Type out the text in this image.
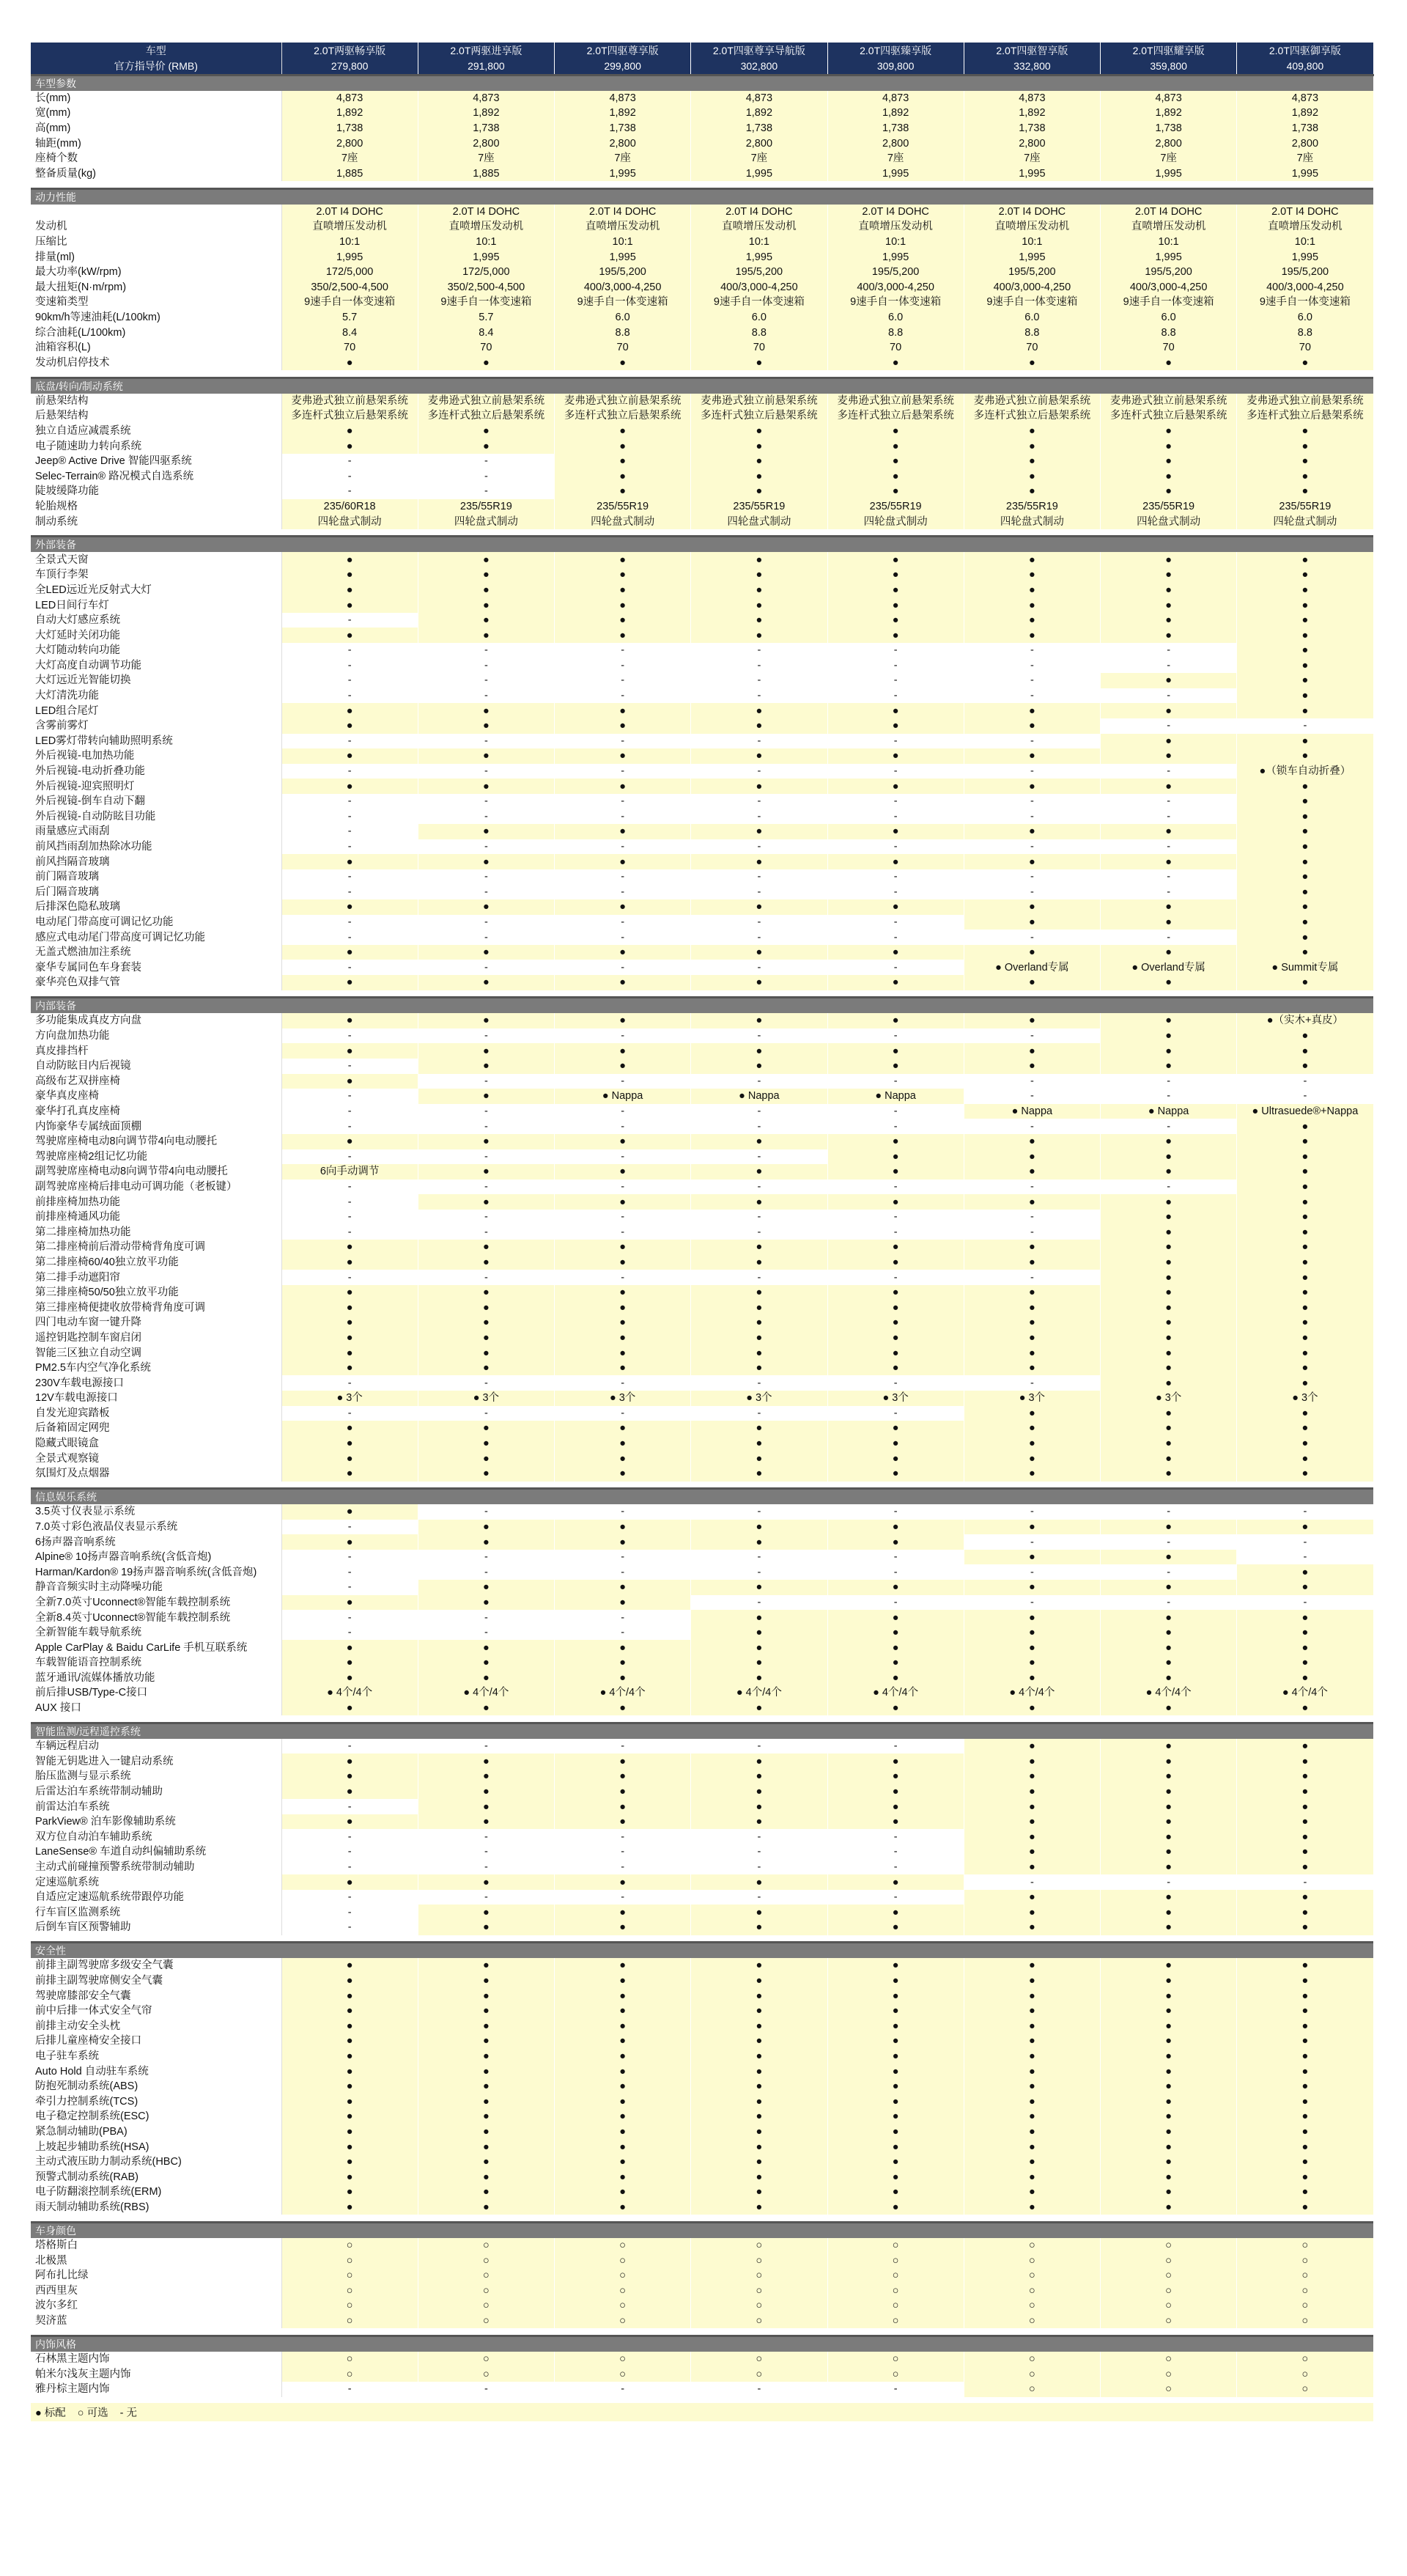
车型	2.0T两驱畅享版	2.0T两驱进享版	2.0T四驱尊享版	2.0T四驱尊享导航版	2.0T四驱臻享版	2.0T四驱智享版	2.0T四驱耀享版	2.0T四驱御享版
官方指导价 (RMB)	279,800	291,800	299,800	302,800	309,800	332,800	359,800	409,800
车型参数								
长(mm)	4,873	4,873	4,873	4,873	4,873	4,873	4,873	4,873
宽(mm)	1,892	1,892	1,892	1,892	1,892	1,892	1,892	1,892
高(mm)	1,738	1,738	1,738	1,738	1,738	1,738	1,738	1,738
轴距(mm)	2,800	2,800	2,800	2,800	2,800	2,800	2,800	2,800
座椅个数	7座	7座	7座	7座	7座	7座	7座	7座
整备质量(kg)	1,885	1,885	1,995	1,995	1,995	1,995	1,995	1,995

动力性能								
	2.0T I4 DOHC	2.0T I4 DOHC	2.0T I4 DOHC	2.0T I4 DOHC	2.0T I4 DOHC	2.0T I4 DOHC	2.0T I4 DOHC	2.0T I4 DOHC
发动机	直喷增压发动机	直喷增压发动机	直喷增压发动机	直喷增压发动机	直喷增压发动机	直喷增压发动机	直喷增压发动机	直喷增压发动机
压缩比	10:1	10:1	10:1	10:1	10:1	10:1	10:1	10:1
排量(ml)	1,995	1,995	1,995	1,995	1,995	1,995	1,995	1,995
最大功率(kW/rpm)	172/5,000	172/5,000	195/5,200	195/5,200	195/5,200	195/5,200	195/5,200	195/5,200
最大扭矩(N·m/rpm)	350/2,500-4,500	350/2,500-4,500	400/3,000-4,250	400/3,000-4,250	400/3,000-4,250	400/3,000-4,250	400/3,000-4,250	400/3,000-4,250
变速箱类型	9速手自一体变速箱	9速手自一体变速箱	9速手自一体变速箱	9速手自一体变速箱	9速手自一体变速箱	9速手自一体变速箱	9速手自一体变速箱	9速手自一体变速箱
90km/h等速油耗(L/100km)	5.7	5.7	6.0	6.0	6.0	6.0	6.0	6.0
综合油耗(L/100km)	8.4	8.4	8.8	8.8	8.8	8.8	8.8	8.8
油箱容积(L)	70	70	70	70	70	70	70	70
发动机启停技术	●	●	●	●	●	●	●	●

底盘/转向/制动系统								
前悬架结构	麦弗逊式独立前悬架系统	麦弗逊式独立前悬架系统	麦弗逊式独立前悬架系统	麦弗逊式独立前悬架系统	麦弗逊式独立前悬架系统	麦弗逊式独立前悬架系统	麦弗逊式独立前悬架系统	麦弗逊式独立前悬架系统
后悬架结构	多连杆式独立后悬架系统	多连杆式独立后悬架系统	多连杆式独立后悬架系统	多连杆式独立后悬架系统	多连杆式独立后悬架系统	多连杆式独立后悬架系统	多连杆式独立后悬架系统	多连杆式独立后悬架系统
独立自适应减震系统	●	●	●	●	●	●	●	●
电子随速助力转向系统	●	●	●	●	●	●	●	●
Jeep® Active Drive 智能四驱系统	-	-	●	●	●	●	●	●
Selec-Terrain® 路况模式自选系统	-	-	●	●	●	●	●	●
陡坡缓降功能	-	-	●	●	●	●	●	●
轮胎规格	235/60R18	235/55R19	235/55R19	235/55R19	235/55R19	235/55R19	235/55R19	235/55R19
制动系统	四轮盘式制动	四轮盘式制动	四轮盘式制动	四轮盘式制动	四轮盘式制动	四轮盘式制动	四轮盘式制动	四轮盘式制动

外部装备								
全景式天窗	●	●	●	●	●	●	●	●
车顶行李架	●	●	●	●	●	●	●	●
全LED远近光反射式大灯	●	●	●	●	●	●	●	●
LED日间行车灯	●	●	●	●	●	●	●	●
自动大灯感应系统	-	●	●	●	●	●	●	●
大灯延时关闭功能	●	●	●	●	●	●	●	●
大灯随动转向功能	-	-	-	-	-	-	-	●
大灯高度自动调节功能	-	-	-	-	-	-	-	●
大灯远近光智能切换	-	-	-	-	-	-	●	●
大灯清洗功能	-	-	-	-	-	-	-	●
LED组合尾灯	●	●	●	●	●	●	●	●
含雾前雾灯	●	●	●	●	●	●	-	-
LED雾灯带转向辅助照明系统	-	-	-	-	-	-	●	●
外后视镜-电加热功能	●	●	●	●	●	●	●	●
外后视镜-电动折叠功能	-	-	-	-	-	-	-	●（锁车自动折叠）
外后视镜-迎宾照明灯	●	●	●	●	●	●	●	●
外后视镜-倒车自动下翻	-	-	-	-	-	-	-	●
外后视镜-自动防眩目功能	-	-	-	-	-	-	-	●
雨量感应式雨刮	-	●	●	●	●	●	●	●
前风挡雨刮加热除冰功能	-	-	-	-	-	-	-	●
前风挡隔音玻璃	●	●	●	●	●	●	●	●
前门隔音玻璃	-	-	-	-	-	-	-	●
后门隔音玻璃	-	-	-	-	-	-	-	●
后排深色隐私玻璃	●	●	●	●	●	●	●	●
电动尾门带高度可调记忆功能	-	-	-	-	-	●	●	●
感应式电动尾门带高度可调记忆功能	-	-	-	-	-	-	-	●
无盖式燃油加注系统	●	●	●	●	●	●	●	●
豪华专属同色车身套装	-	-	-	-	-	● Overland专属	● Overland专属	● Summit专属
豪华亮色双排气管	●	●	●	●	●	●	●	●

内部装备								
多功能集成真皮方向盘	●	●	●	●	●	●	●	●（实木+真皮）
方向盘加热功能	-	-	-	-	-	-	●	●
真皮排挡杆	●	●	●	●	●	●	●	●
自动防眩目内后视镜	-	●	●	●	●	●	●	●
高级布艺双拼座椅	●	-	-	-	-	-	-	-
豪华真皮座椅	-	●	● Nappa	● Nappa	● Nappa	-	-	-
豪华打孔真皮座椅	-	-	-	-	-	● Nappa	● Nappa	● Ultrasuede®+Nappa
内饰豪华专属绒面顶棚	-	-	-	-	-	-	-	●
驾驶席座椅电动8向调节带4向电动腰托	●	●	●	●	●	●	●	●
驾驶席座椅2组记忆功能	-	-	-	-	●	●	●	●
副驾驶席座椅电动8向调节带4向电动腰托	6向手动调节	●	●	●	●	●	●	●
副驾驶席座椅后排电动可调功能（老板键）	-	-	-	-	-	-	-	●
前排座椅加热功能	-	●	●	●	●	●	●	●
前排座椅通风功能	-	-	-	-	-	-	●	●
第二排座椅加热功能	-	-	-	-	-	-	●	●
第二排座椅前后滑动带椅背角度可调	●	●	●	●	●	●	●	●
第二排座椅60/40独立放平功能	●	●	●	●	●	●	●	●
第二排手动遮阳帘	-	-	-	-	-	-	●	●
第三排座椅50/50独立放平功能	●	●	●	●	●	●	●	●
第三排座椅便捷收放带椅背角度可调	●	●	●	●	●	●	●	●
四门电动车窗一键升降	●	●	●	●	●	●	●	●
遥控钥匙控制车窗启闭	●	●	●	●	●	●	●	●
智能三区独立自动空调	●	●	●	●	●	●	●	●
PM2.5车内空气净化系统	●	●	●	●	●	●	●	●
230V车载电源接口	-	-	-	-	-	-	●	●
12V车载电源接口	● 3个	● 3个	● 3个	● 3个	● 3个	● 3个	● 3个	● 3个
自发光迎宾踏板	-	-	-	-	-	●	●	●
后备箱固定网兜	●	●	●	●	●	●	●	●
隐藏式眼镜盒	●	●	●	●	●	●	●	●
全景式观察镜	●	●	●	●	●	●	●	●
氛围灯及点烟器	●	●	●	●	●	●	●	●

信息娱乐系统								
3.5英寸仪表显示系统	●	-	-	-	-	-	-	-
7.0英寸彩色液晶仪表显示系统	-	●	●	●	●	●	●	●
6扬声器音响系统	●	●	●	●	●	-	-	-
Alpine® 10扬声器音响系统(含低音炮)	-	-	-	-	-	●	●	-
Harman/Kardon® 19扬声器音响系统(含低音炮)	-	-	-	-	-	-	-	●
静音音频实时主动降噪功能	-	●	●	●	●	●	●	●
全新7.0英寸Uconnect®智能车载控制系统	●	●	●	-	-	-	-	-
全新8.4英寸Uconnect®智能车载控制系统	-	-	-	●	●	●	●	●
全新智能车载导航系统	-	-	-	●	●	●	●	●
Apple CarPlay & Baidu CarLife 手机互联系统	●	●	●	●	●	●	●	●
车载智能语音控制系统	●	●	●	●	●	●	●	●
蓝牙通讯/流媒体播放功能	●	●	●	●	●	●	●	●
前后排USB/Type-C接口	● 4个/4个	● 4个/4个	● 4个/4个	● 4个/4个	● 4个/4个	● 4个/4个	● 4个/4个	● 4个/4个
AUX 接口	●	●	●	●	●	●	●	●

智能监测/远程遥控系统								
车辆远程启动	-	-	-	-	-	●	●	●
智能无钥匙进入一键启动系统	●	●	●	●	●	●	●	●
胎压监测与显示系统	●	●	●	●	●	●	●	●
后雷达泊车系统带制动辅助	●	●	●	●	●	●	●	●
前雷达泊车系统	-	●	●	●	●	●	●	●
ParkView® 泊车影像辅助系统	●	●	●	●	●	●	●	●
双方位自动泊车辅助系统	-	-	-	-	-	●	●	●
LaneSense® 车道自动纠偏辅助系统	-	-	-	-	-	●	●	●
主动式前碰撞预警系统带制动辅助	-	-	-	-	-	●	●	●
定速巡航系统	●	●	●	●	●	-	-	-
自适应定速巡航系统带跟停功能	-	-	-	-	-	●	●	●
行车盲区监测系统	-	●	●	●	●	●	●	●
后倒车盲区预警辅助	-	●	●	●	●	●	●	●

安全性								
前排主副驾驶席多级安全气囊	●	●	●	●	●	●	●	●
前排主副驾驶席侧安全气囊	●	●	●	●	●	●	●	●
驾驶席膝部安全气囊	●	●	●	●	●	●	●	●
前中后排一体式安全气帘	●	●	●	●	●	●	●	●
前排主动安全头枕	●	●	●	●	●	●	●	●
后排儿童座椅安全接口	●	●	●	●	●	●	●	●
电子驻车系统	●	●	●	●	●	●	●	●
Auto Hold 自动驻车系统	●	●	●	●	●	●	●	●
防抱死制动系统(ABS)	●	●	●	●	●	●	●	●
牵引力控制系统(TCS)	●	●	●	●	●	●	●	●
电子稳定控制系统(ESC)	●	●	●	●	●	●	●	●
紧急制动辅助(PBA)	●	●	●	●	●	●	●	●
上坡起步辅助系统(HSA)	●	●	●	●	●	●	●	●
主动式液压助力制动系统(HBC)	●	●	●	●	●	●	●	●
预警式制动系统(RAB)	●	●	●	●	●	●	●	●
电子防翻滚控制系统(ERM)	●	●	●	●	●	●	●	●
雨天制动辅助系统(RBS)	●	●	●	●	●	●	●	●

车身颜色								
塔格斯白	○	○	○	○	○	○	○	○
北极黑	○	○	○	○	○	○	○	○
阿布扎比绿	○	○	○	○	○	○	○	○
西西里灰	○	○	○	○	○	○	○	○
波尔多红	○	○	○	○	○	○	○	○
契济蓝	○	○	○	○	○	○	○	○

内饰风格								
石林黑主题内饰	○	○	○	○	○	○	○	○
帕米尔浅灰主题内饰	○	○	○	○	○	○	○	○
雅丹棕主题内饰	-	-	-	-	-	○	○	○
● 标配 ○ 可选 - 无
